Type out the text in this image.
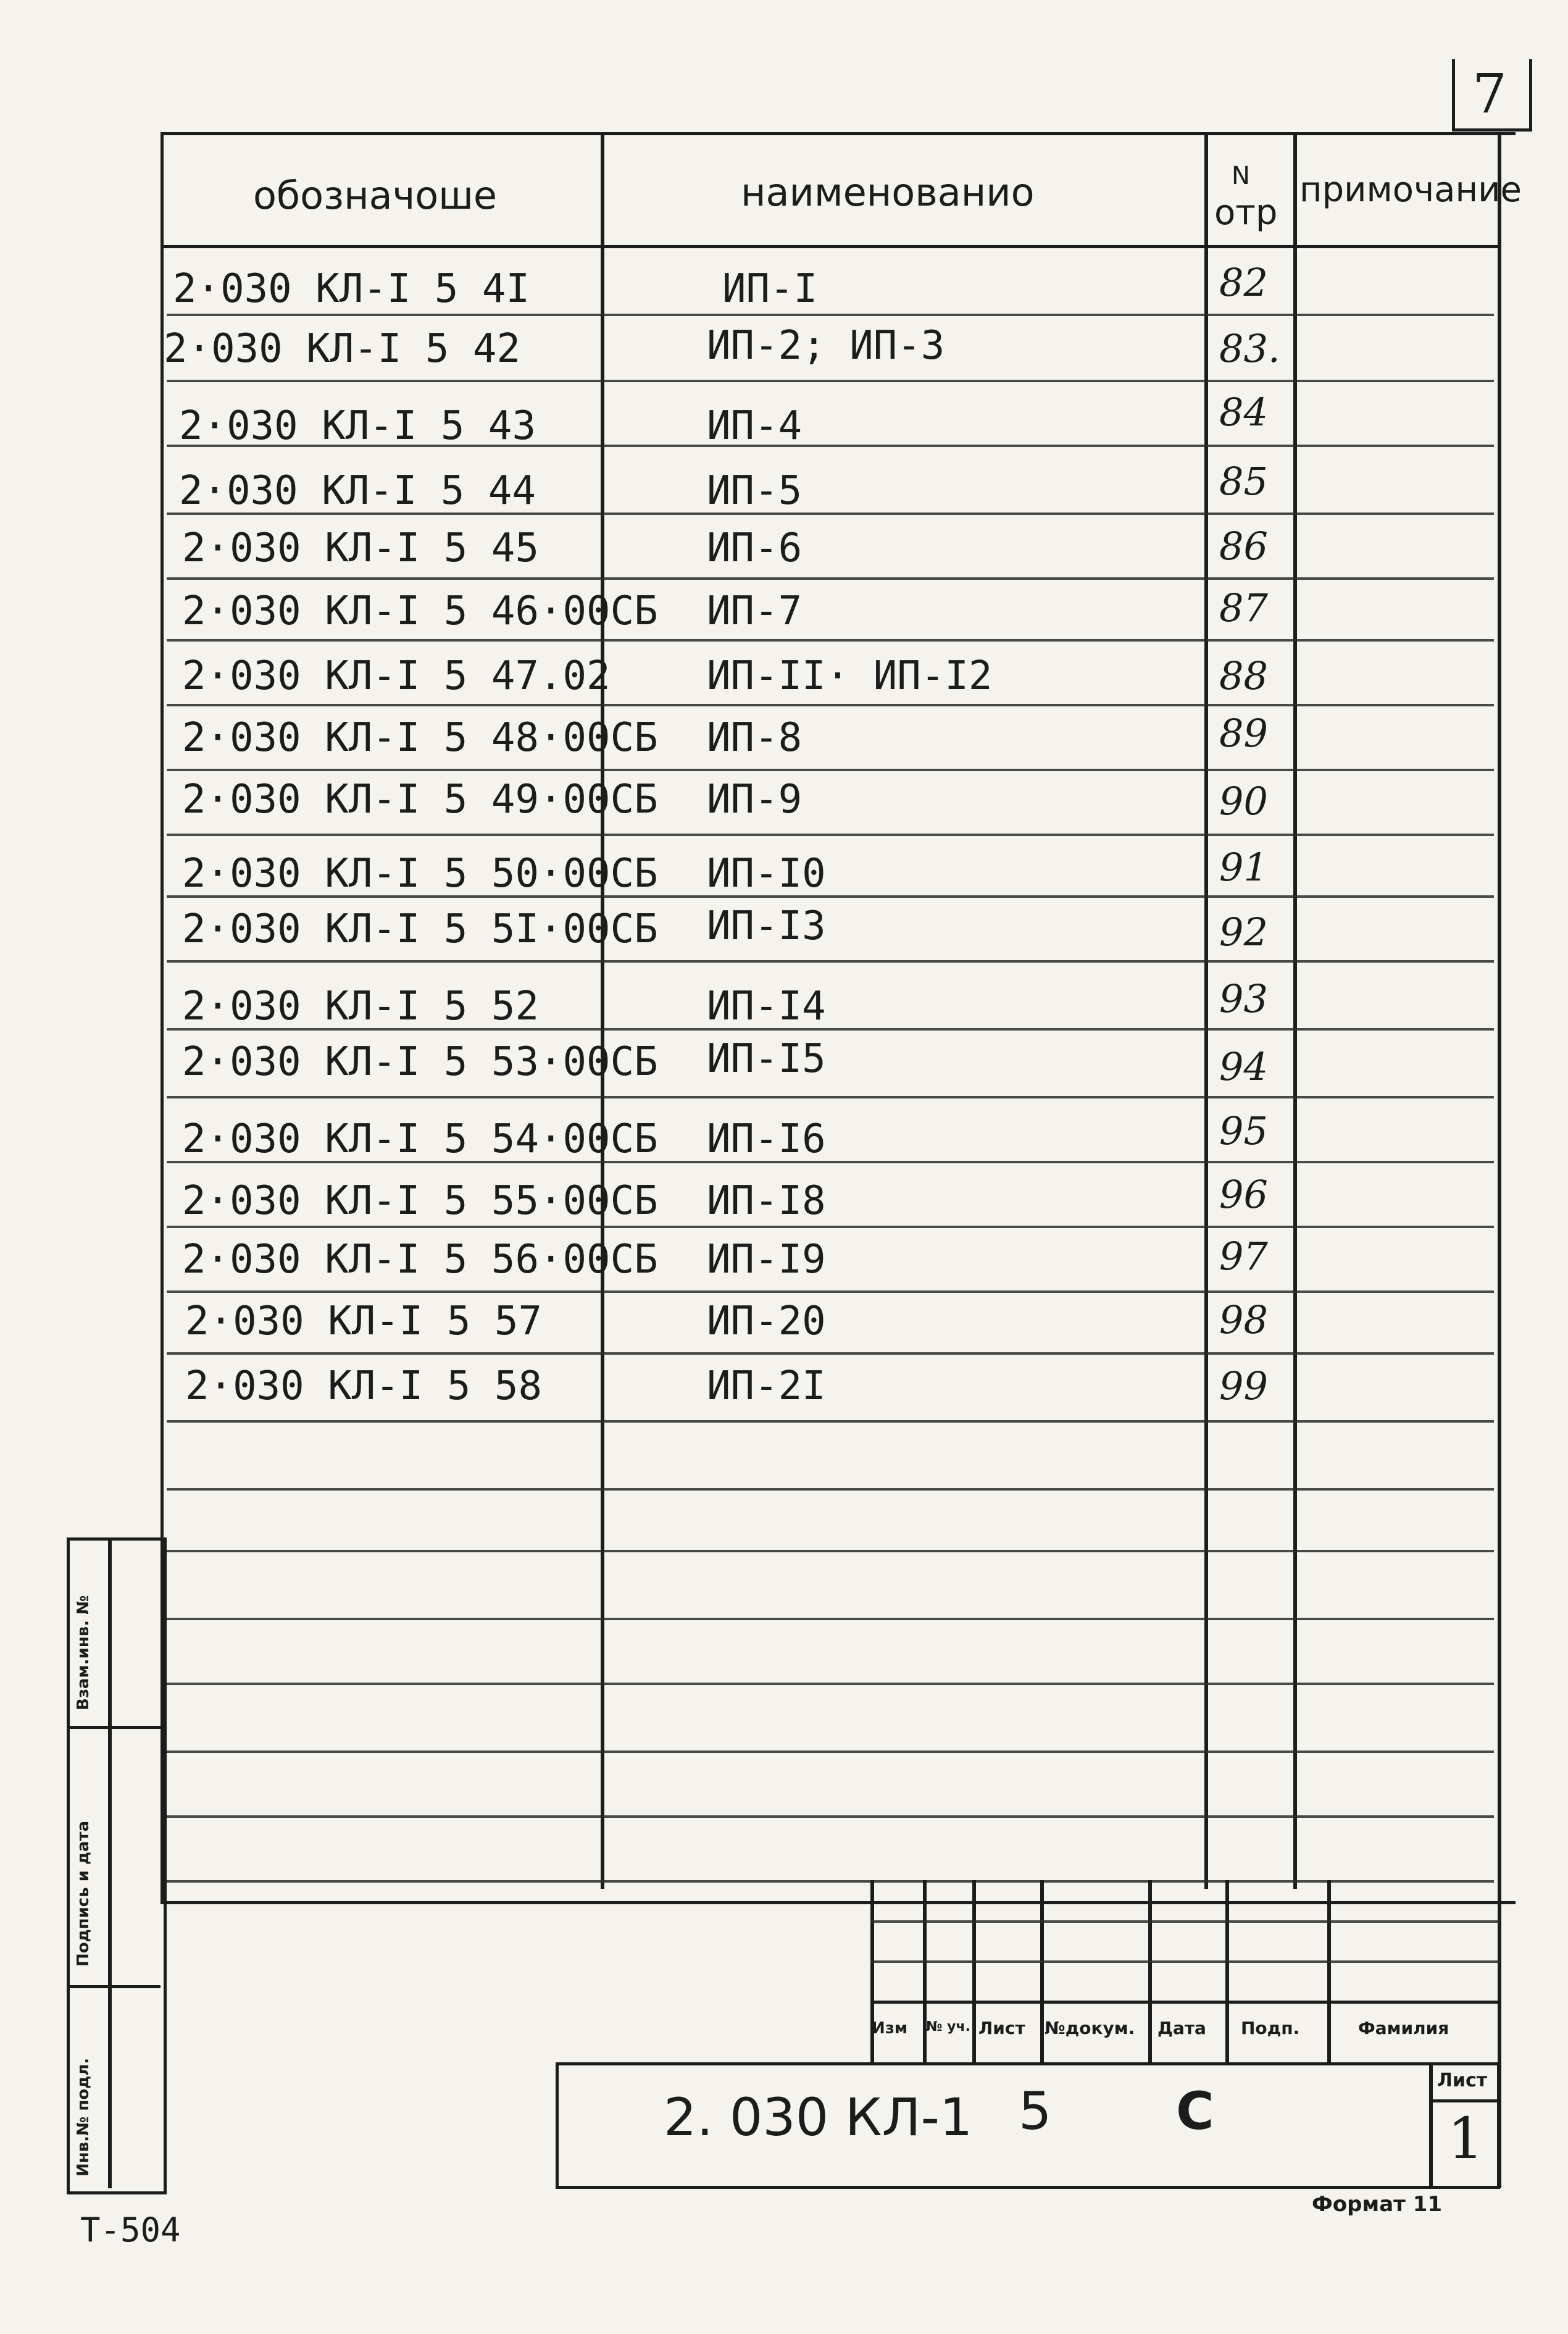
7
обозначоше	наименованио	N
отр
примочание
2·030 КЛ-I 5 4I	ИП-I	82
2·030 КЛ-I 5 42	ИП-2; ИП-3	83.
2·030 КЛ-I 5 43	ИП-4	84
2·030 КЛ-I 5 44	ИП-5	85
2·030 КЛ-I 5 45	ИП-6	86
2·030 КЛ-I 5 46·00СБ ИП-7	87
2·030 КЛ-I 5 47.02 ИП-II· ИП-I2	88
2·030 КЛ-I 5 48·00СБ ИП-8	89
2·030 КЛ-I 5 49·00СБ ИП-9	90
2·030 КЛ-I 5 50·00СБ ИП-I0	91
2·030 КЛ-I 5 5I·00СБ ИП-I3	92
2·030 КЛ-I 5 52	ИП-I4	93
2·030 КЛ-I 5 53·00СБ ИП-I5	94
2·030 КЛ-I 5 54·00СБ ИП-I6	95
2·030 КЛ-I 5 55·00СБ ИП-I8	96
2·030 КЛ-I 5 56·00СБ ИП-I9	97
2·030 КЛ-I 5 57	ИП-20	98
2·030 КЛ-I 5 58	ИП-2I	99
Взам.инв. №
Подпись и дата
Инв.№ подл.
Изм № уч. Лист №докум. Дата Подп.	Фамилия
2. 030 КЛ-1 5 С
Лист
1
Формат 11
Т-504
